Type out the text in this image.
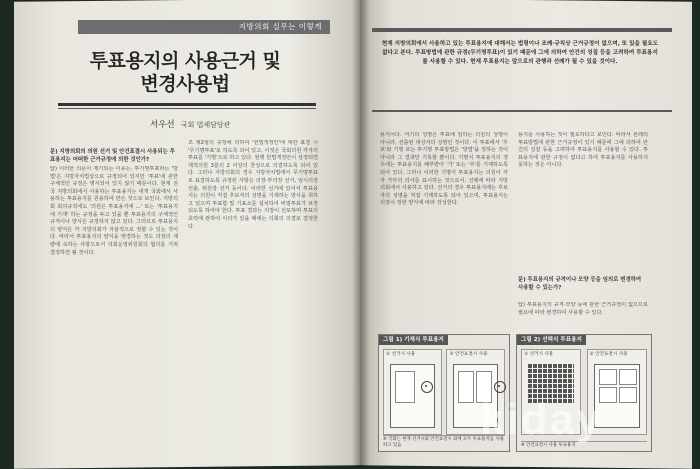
지방의회 실무는 이렇게
투표용지의 사용근거 및
변경사용법
서우선 국회 법제담당관
문) 지방의회의 의원 선거 및 안건표결시 사용되는 투표용지는 어떠한 근거규정에 의한 것인가?
답) 이러한 의문이 제기되는 이유는, 투기명투표라는 '방법'은 지방자치법상으로 규정되어 있지만 '투표'에 관한 구체적인 규정은 명시되어 있지 않기 때문이다. 현재 전국 지방의회에서 사용하는 투표용지는 대개 국회에서 사용하는 투표용지를 원용하여 만든 것으로 보인다. 지방의회 회의규칙에도 '의원은 투표용지에 ...' 또는 '투표용지에 기재' 하는 규정을 두고 있을 뿐 투표용지의 구체적인 규격이나 양식은 규정하지 않고 있다. 그러므로 투표용지의 양식은 각 지방의회가 자율적으로 정할 수 있는 것이다. 따라서 투표용지의 양식을 변경하는 것도 의장의 재량에 속하는 사항으로서 의회운영위원회의 협의를 거쳐 결정하면 될 것이다.
조 제2항의 규정에 의하여 '헌법개정안'에 대한 표결 시 '무기명투표'로 하도록 되어 있고, 이것은 국회의원 각자의 투표를 '기명'으로 하고 있다. 현행 헌법개정안이 상정되면 재적의원 3분의 2 이상의 찬성으로 의결하도록 되어 있다. 그러나 지방의회의 경우 지방자치법에서 무기명투표로 표결하도록 규정된 사항은 의장·부의장 선거, 임시의장 선출, 위원장 선거 등이다. 이러한 선거에 있어서 투표용지는 의원이 직접 후보자의 성명을 기재하는 방식을 취하고 있으며 투표함 및 기표소를 설치하여 비밀투표가 보장되도록 하여야 한다. 투표 결과는 의장이 선포하며 투표의 효력에 관하여 이의가 있을 때에는 의회의 의결로 결정한다.
현재 지방의회에서 사용하고 있는 투표용지에 대해서는 법령이나 조례·규칙상 근거규정이 없으며, 또 있을 필요도 없다고 본다. 투표방법에 관한 규정(무기명투표)이 있기 때문에 그에 의하여 안건의 성질 등을 고려하여 투표용지를 사용할 수 있다. 현재 투표용지는 앞으로의 관행과 선례가 될 수 있을 것이다.
용지이다. 여기의 성명은 투표에 임하는 의원의 성명이 아니라, 선출된 대상자의 성명인 것이다. 이 투표에서 '후보'와 기명 또는 투기명 투표방법은 '방법'을 정하는 것이 아니라 그 결과만 기록할 뿐이다. 기명식 투표용지의 경우에는 투표용지를 배부받아 '가' 또는 '부'를 기재하도록 되어 있다. 그러나 이러한 기명식 투표용지는 의원이 각자 가부의 의사를 표시하는 것으로서, 선례에 따라 지방의회에서 사용하고 있다. 선거의 경우 투표용지에는 후보자의 성명을 직접 기재하도록 되어 있으며, 투표용지는 의장이 정한 양식에 따라 작성한다.
용지를 사용하는 것이 필요하다고 보인다. 따라서 본래의 투표방법에 관한 근거규정이 있기 때문에 그에 의하여 안건의 성질 등을 고려하여 투표용지를 사용할 수 있다. 투표용지에 관한 규정이 없다고 하여 투표용지를 사용하지 못하는 것은 아니다.
문) 투표용지의 규격이나 모양 등을 임의로 변경하여 사용할 수 있는가?
답) 투표용지의 규격·모양 등에 관한 근거규정이 없으므로 필요에 따라 변경하여 사용할 수 있다.
그림 1) 기재식 투표용지
① 선거시 사용	② 안건표결시 사용
※ 국회는 현재 선거시와 안건표결시 외에 모두 투표용지를 사용하고 있음
그림 2) 선택식 투표용지
① 선거시 사용	② 안건표결시 사용
※ 안건표결시 사용 투표용지
kiday
